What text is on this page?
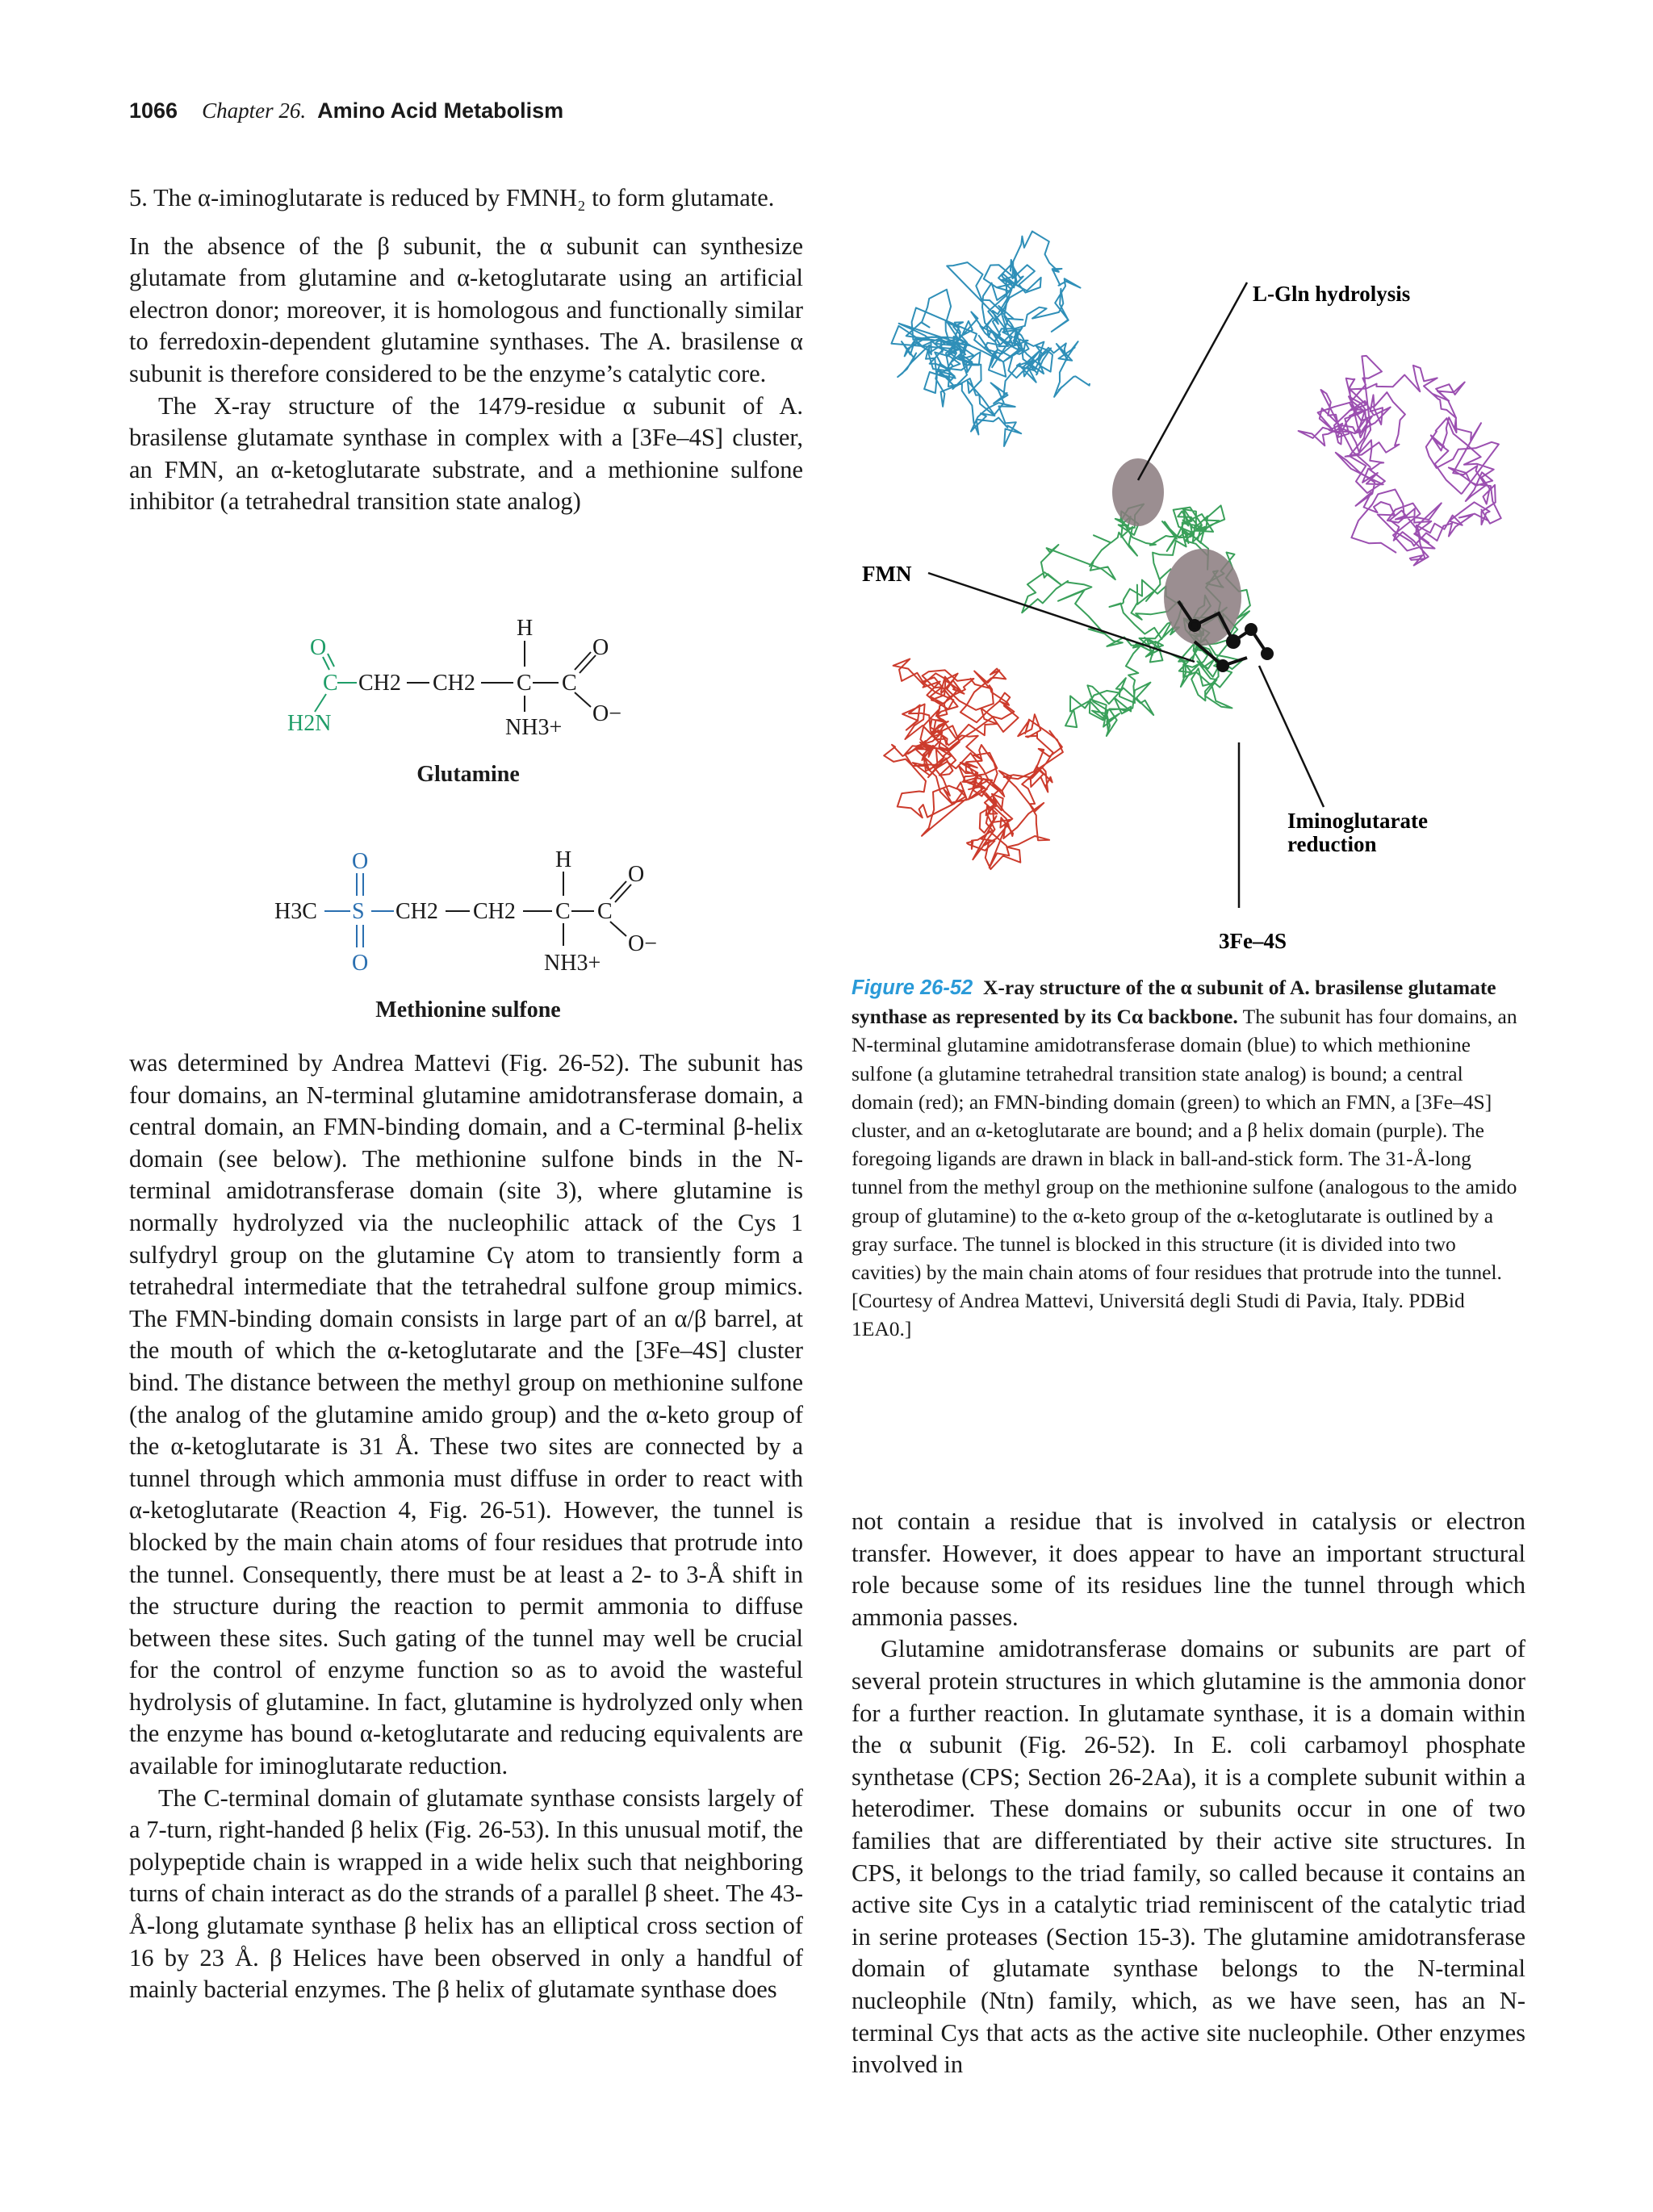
1066 Chapter 26. Amino Acid Metabolism

5. The α-iminoglutarate is reduced by FMNH₂ to form glutamate.

In the absence of the β subunit, the α subunit can synthesize glutamate from glutamine and α-ketoglutarate using an artificial electron donor; moreover, it is homologous and functionally similar to ferredoxin-dependent glutamine synthases. The A. brasilense α subunit is therefore considered to be the enzyme’s catalytic core.

The X-ray structure of the 1479-residue α subunit of A. brasilense glutamate synthase in complex with a [3Fe–4S] cluster, an FMN, an α-ketoglutarate substrate, and a methionine sulfone inhibitor (a tetrahedral transition state analog)

O
C
H2N
CH2 CH2
H
C C
O
O−
NH3+
Glutamine
H3C S
O
O
CH2 CH2
H
C C
O
O−
NH3+
Methionine sulfone

was determined by Andrea Mattevi (Fig. 26-52). The subunit has four domains, an N-terminal glutamine amidotransferase domain, a central domain, an FMN-binding domain, and a C-terminal β-helix domain (see below). The methionine sulfone binds in the N-terminal amidotransferase domain (site 3), where glutamine is normally hydrolyzed via the nucleophilic attack of the Cys 1 sulfydryl group on the glutamine Cγ atom to transiently form a tetrahedral intermediate that the tetrahedral sulfone group mimics. The FMN-binding domain consists in large part of an α/β barrel, at the mouth of which the α-ketoglutarate and the [3Fe–4S] cluster bind. The distance between the methyl group on methionine sulfone (the analog of the glutamine amido group) and the α-keto group of the α-ketoglutarate is 31 Å. These two sites are connected by a tunnel through which ammonia must diffuse in order to react with α-ketoglutarate (Reaction 4, Fig. 26-51). However, the tunnel is blocked by the main chain atoms of four residues that protrude into the tunnel. Consequently, there must be at least a 2- to 3-Å shift in the structure during the reaction to permit ammonia to diffuse between these sites. Such gating of the tunnel may well be crucial for the control of enzyme function so as to avoid the wasteful hydrolysis of glutamine. In fact, glutamine is hydrolyzed only when the enzyme has bound α-ketoglutarate and reducing equivalents are available for iminoglutarate reduction.

The C-terminal domain of glutamate synthase consists largely of a 7-turn, right-handed β helix (Fig. 26-53). In this unusual motif, the polypeptide chain is wrapped in a wide helix such that neighboring turns of chain interact as do the strands of a parallel β sheet. The 43-Å-long glutamate synthase β helix has an elliptical cross section of 16 by 23 Å. β Helices have been observed in only a handful of mainly bacterial enzymes. The β helix of glutamate synthase does

L-Gln hydrolysis
FMN
Iminoglutarate
reduction
3Fe–4S
Figure 26-52 X-ray structure of the α subunit of A. brasilense glutamate synthase as represented by its Cα backbone. The subunit has four domains, an N-terminal glutamine amidotransferase domain (blue) to which methionine sulfone (a glutamine tetrahedral transition state analog) is bound; a central domain (red); an FMN-binding domain (green) to which an FMN, a [3Fe–4S] cluster, and an α-ketoglutarate are bound; and a β helix domain (purple). The foregoing ligands are drawn in black in ball-and-stick form. The 31-Å-long tunnel from the methyl group on the methionine sulfone (analogous to the amido group of glutamine) to the α-keto group of the α-ketoglutarate is outlined by a gray surface. The tunnel is blocked in this structure (it is divided into two cavities) by the main chain atoms of four residues that protrude into the tunnel. [Courtesy of Andrea Mattevi, Universitá degli Studi di Pavia, Italy. PDBid 1EA0.]

not contain a residue that is involved in catalysis or electron transfer. However, it does appear to have an important structural role because some of its residues line the tunnel through which ammonia passes.

Glutamine amidotransferase domains or subunits are part of several protein structures in which glutamine is the ammonia donor for a further reaction. In glutamate synthase, it is a domain within the α subunit (Fig. 26-52). In E. coli carbamoyl phosphate synthetase (CPS; Section 26-2Aa), it is a complete subunit within a heterodimer. These domains or subunits occur in one of two families that are differentiated by their active site structures. In CPS, it belongs to the triad family, so called because it contains an active site Cys in a catalytic triad reminiscent of the catalytic triad in serine proteases (Section 15-3). The glutamine amidotransferase domain of glutamate synthase belongs to the N-terminal nucleophile (Ntn) family, which, as we have seen, has an N-terminal Cys that acts as the active site nucleophile. Other enzymes involved in
